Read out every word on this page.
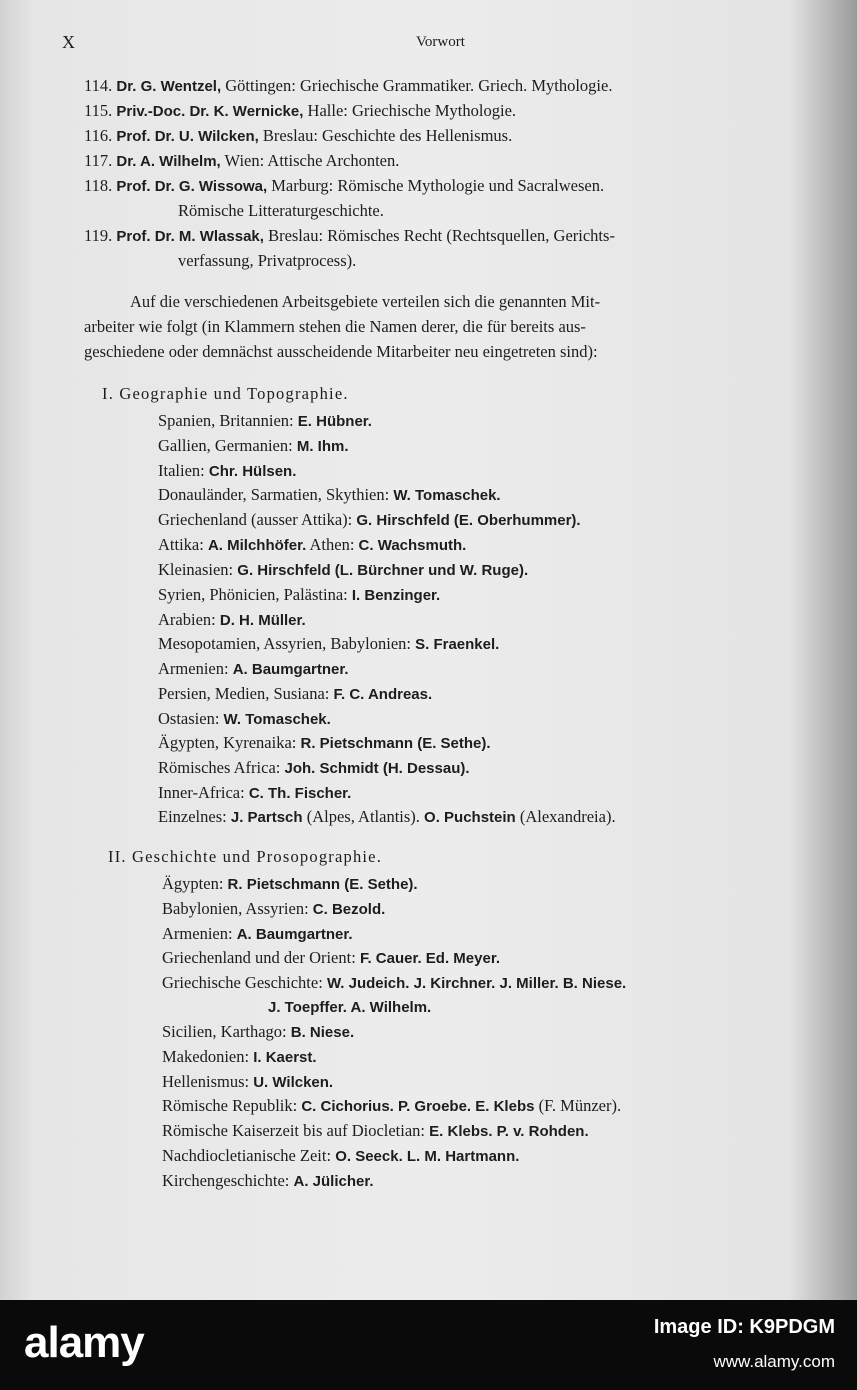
X	Vorwort
114. Dr. G. Wentzel, Göttingen: Griechische Grammatiker. Griech. Mythologie.
115. Priv.-Doc. Dr. K. Wernicke, Halle: Griechische Mythologie.
116. Prof. Dr. U. Wilcken, Breslau: Geschichte des Hellenismus.
117. Dr. A. Wilhelm, Wien: Attische Archonten.
118. Prof. Dr. G. Wissowa, Marburg: Römische Mythologie und Sacralwesen.
Römische Litteraturgeschichte.
119. Prof. Dr. M. Wlassak, Breslau: Römisches Recht (Rechtsquellen, Gerichts-
verfassung, Privatprocess).
Auf die verschiedenen Arbeitsgebiete verteilen sich die genannten Mit-
arbeiter wie folgt (in Klammern stehen die Namen derer, die für bereits aus-
geschiedene oder demnächst ausscheidende Mitarbeiter neu eingetreten sind):
I. Geographie und Topographie.
Spanien, Britannien: E. Hübner.
Gallien, Germanien: M. Ihm.
Italien: Chr. Hülsen.
Donauländer, Sarmatien, Skythien: W. Tomaschek.
Griechenland (ausser Attika): G. Hirschfeld (E. Oberhummer).
Attika: A. Milchhöfer. Athen: C. Wachsmuth.
Kleinasien: G. Hirschfeld (L. Bürchner und W. Ruge).
Syrien, Phönicien, Palästina: I. Benzinger.
Arabien: D. H. Müller.
Mesopotamien, Assyrien, Babylonien: S. Fraenkel.
Armenien: A. Baumgartner.
Persien, Medien, Susiana: F. C. Andreas.
Ostasien: W. Tomaschek.
Ägypten, Kyrenaika: R. Pietschmann (E. Sethe).
Römisches Africa: Joh. Schmidt (H. Dessau).
Inner-Africa: C. Th. Fischer.
Einzelnes: J. Partsch (Alpes, Atlantis). O. Puchstein (Alexandreia).
II. Geschichte und Prosopographie.
Ägypten: R. Pietschmann (E. Sethe).
Babylonien, Assyrien: C. Bezold.
Armenien: A. Baumgartner.
Griechenland und der Orient: F. Cauer. Ed. Meyer.
Griechische Geschichte: W. Judeich. J. Kirchner. J. Miller. B. Niese.
J. Toepffer. A. Wilhelm.
Sicilien, Karthago: B. Niese.
Makedonien: I. Kaerst.
Hellenismus: U. Wilcken.
Römische Republik: C. Cichorius. P. Groebe. E. Klebs (F. Münzer).
Römische Kaiserzeit bis auf Diocletian: E. Klebs. P. v. Rohden.
Nachdiocletianische Zeit: O. Seeck. L. M. Hartmann.
Kirchengeschichte: A. Jülicher.
alamy	Image ID: K9PDGM
www.alamy.com
